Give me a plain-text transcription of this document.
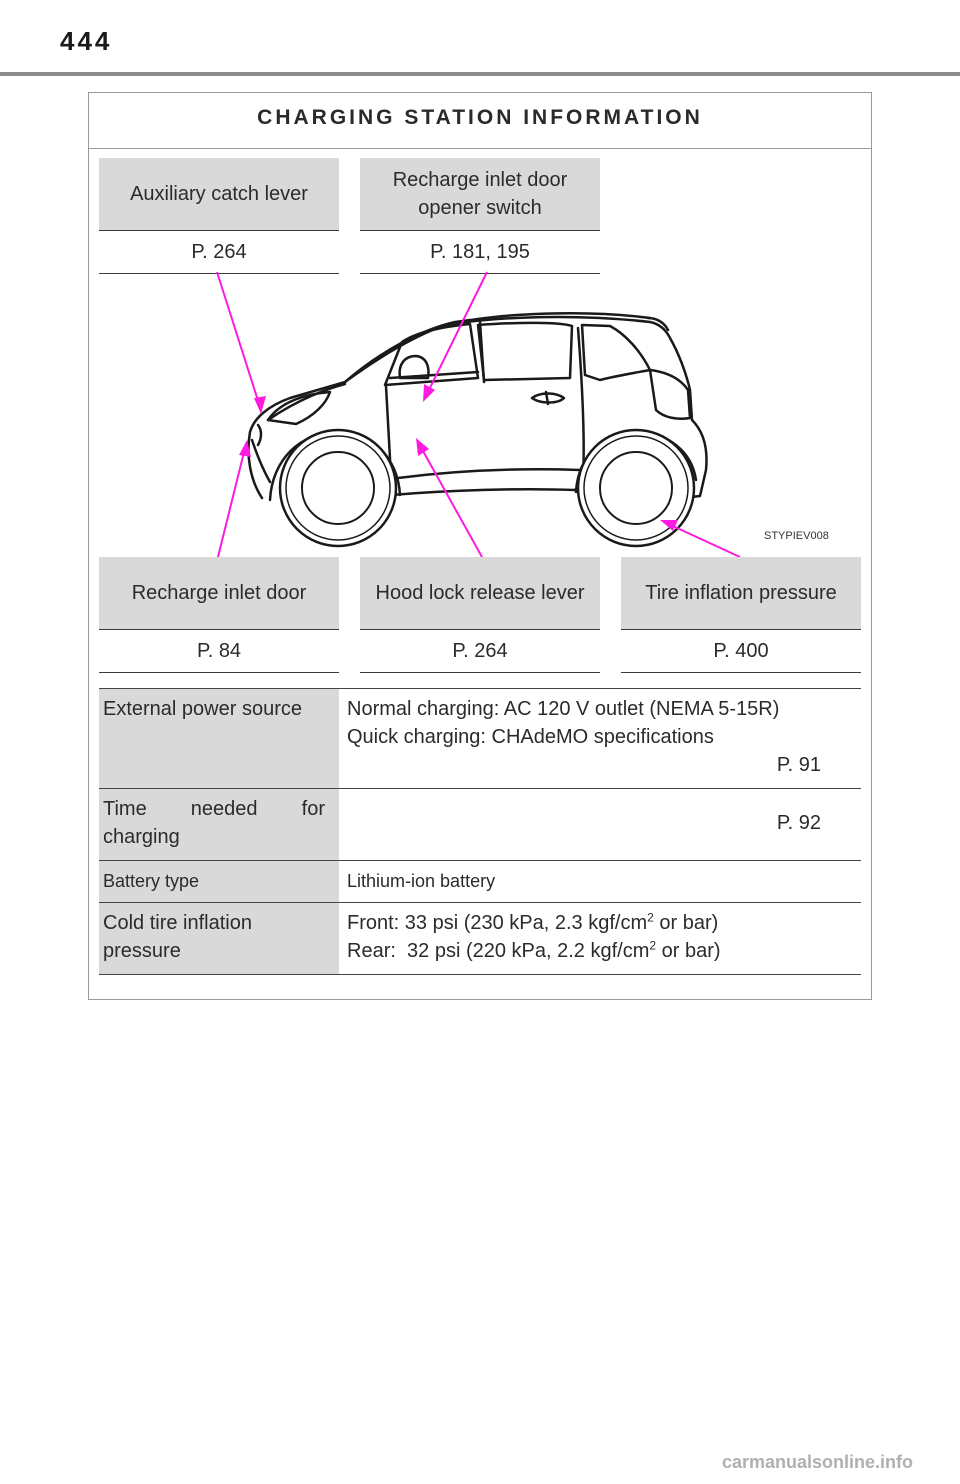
444
CHARGING STATION INFORMATION
Auxiliary catch lever
P. 264
Recharge inlet door opener switch
P. 181, 195
STYPIEV008
Recharge inlet door
P. 84
Hood lock release lever
P. 264
Tire inflation pressure
P. 400
External power source	Normal charging: AC 120 V outlet (NEMA 5-15R)
Quick charging: CHAdeMO specifications
P. 91
Time needed for charging
P. 92
Battery type	Lithium-ion battery
Cold tire inflation pressure
Front: 33 psi (230 kPa, 2.3 kgf/$cm^2$ or bar)
Rear:  32 psi (220 kPa, 2.2 kgf/$cm^2$ or bar)
carmanualsonline.info
